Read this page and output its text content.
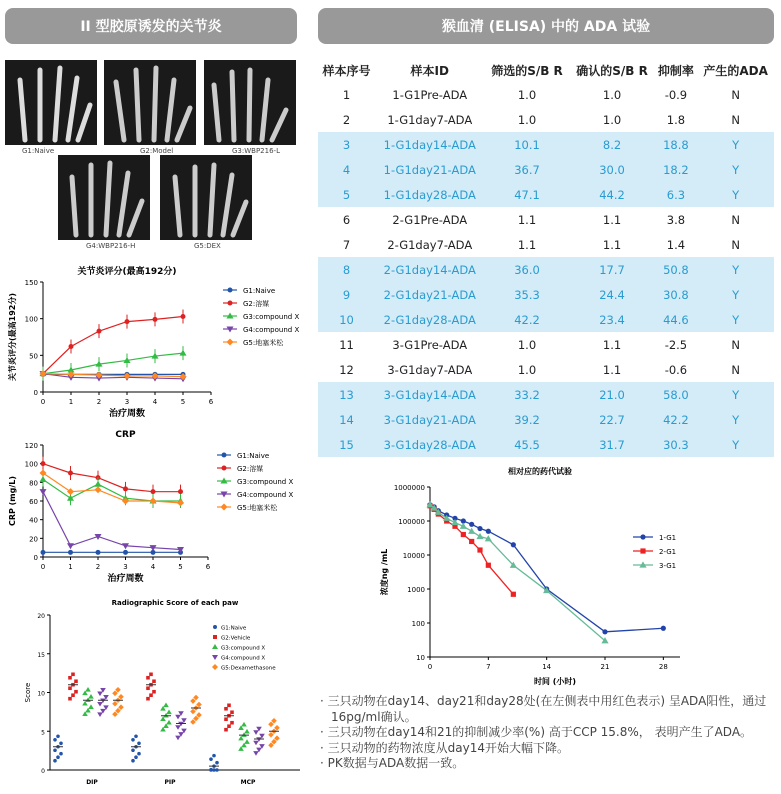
II 型胶原诱发的关节炎	猴血清 (ELISA) 中的 ADA 试验
G1:Naive	G2:Model	G3:WBP216-L
G4:WBP216-H	G5:DEX
关节炎评分(最高192分)
0
50
100
150
0	1	2	3	4	5	6
治疗周数
关节炎评分(最高192分)
G1:Naive
G2:溶媒
G3:compound X
G4:compound X
G5:地塞米松
CRP
0
20
40
60
80
100
120
0	1	2	3	4	5	6
治疗周数
CRP (mg/L)
G1:Naive
G2:溶媒
G3:compound X
G4:compound X
G5:地塞米松
Radiographic Score of each paw
0
5
10
15
20
Score
DIP	PIP	MCP
G1:Naive
G2:Vehicle
G3:compound X
G4:compound X
G5:Dexamethasone
相对应的药代试验
10
100
1000
10000
100000
1000000
0	7	14	21	28
时间 (小时)
浓度ng /mL
1-G1
2-G1
3-G1
样本序号	样本ID	筛选的S/B R	确认的S/B R	抑制率	产生的ADA
1	1-G1Pre-ADA	1.0	1.0	-0.9	N
2	1-G1day7-ADA	1.0	1.0	1.8	N
3	1-G1day14-ADA	10.1	8.2	18.8	Y
4	1-G1day21-ADA	36.7	30.0	18.2	Y
5	1-G1day28-ADA	47.1	44.2	6.3	Y
6	2-G1Pre-ADA	1.1	1.1	3.8	N
7	2-G1day7-ADA	1.1	1.1	1.4	N
8	2-G1day14-ADA	36.0	17.7	50.8	Y
9	2-G1day21-ADA	35.3	24.4	30.8	Y
10	2-G1day28-ADA	42.2	23.4	44.6	Y
11	3-G1Pre-ADA	1.0	1.1	-2.5	N
12	3-G1day7-ADA	1.0	1.1	-0.6	N
13	3-G1day14-ADA	33.2	21.0	58.0	Y
14	3-G1day21-ADA	39.2	22.7	42.2	Y
15	3-G1day28-ADA	45.5	31.7	30.3	Y
· 三只动物在day14、day21和day28处(在左侧表中用红色表示) 呈ADA阳性，通过16pg/ml确认。
· 三只动物在day14和21的抑制减少率(%) 高于CCP 15.8%， 表明产生了ADA。
· 三只动物的药物浓度从day14开始大幅下降。
· PK数据与ADA数据一致。
